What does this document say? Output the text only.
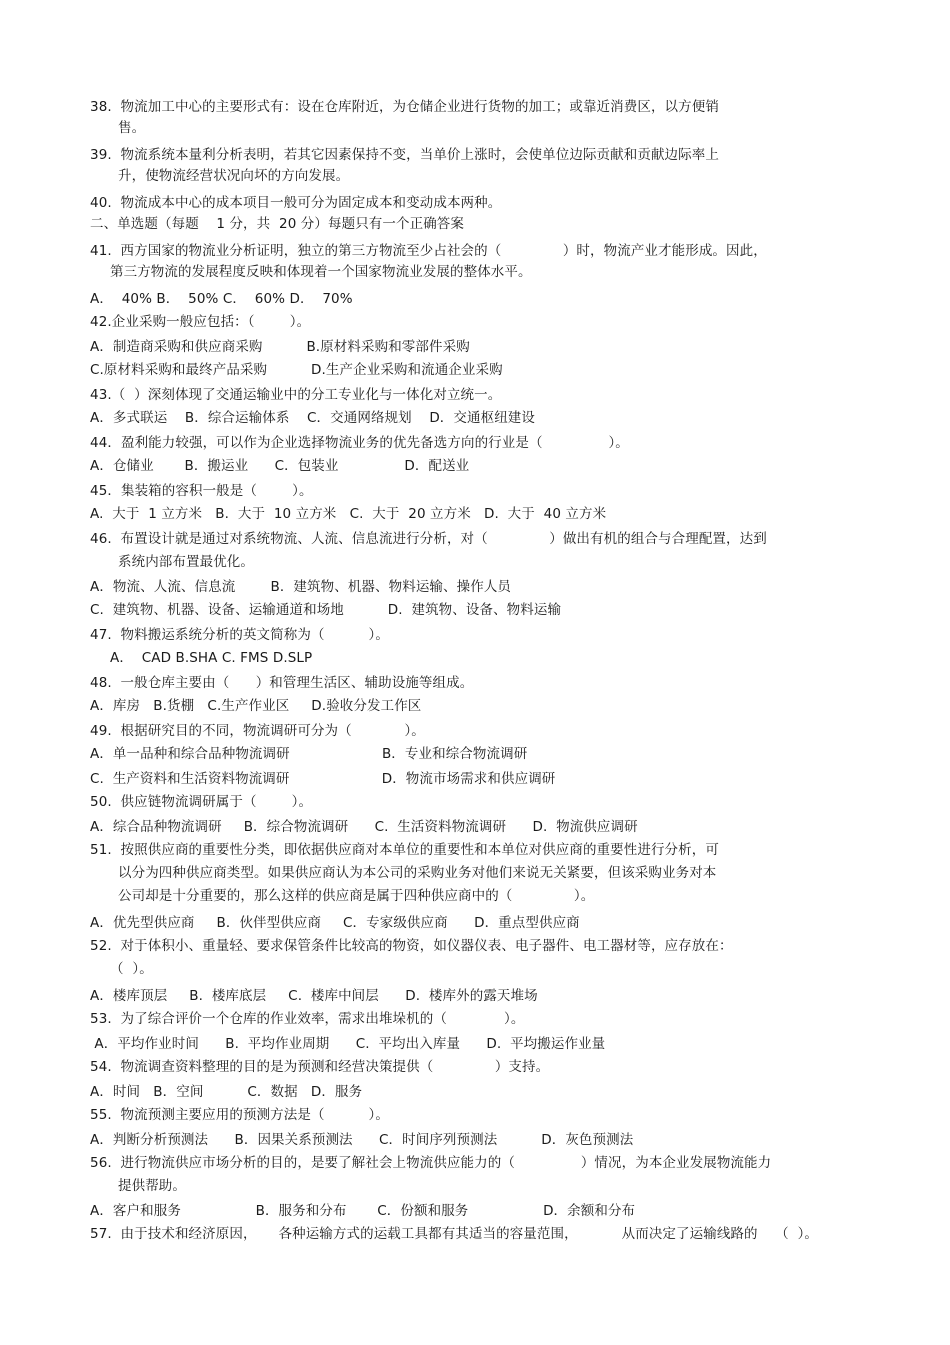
38.  物流加工中心的主要形式有：设在仓库附近，为仓储企业进行货物的加工；或靠近消费区，以方便销

售。

39.  物流系统本量利分析表明，若其它因素保持不变，当单价上涨时，会使单位边际贡献和贡献边际率上

升，使物流经营状况向坏的方向发展。

40.  物流成本中心的成本项目一般可分为固定成本和变动成本两种。

二、单选题（每题    1 分，共  20 分）每题只有一个正确答案

41.  西方国家的物流业分析证明，独立的第三方物流至少占社会的（              ）时，物流产业才能形成。因此，

第三方物流的发展程度反映和体现着一个国家物流业发展的整体水平。

A．  40% B．  50% C．  60% D．  70%

42.企业采购一般应包括：（        ）。

A．制造商采购和供应商采购          B.原材料采购和零部件采购

C.原材料采购和最终产品采购          D.生产企业采购和流通企业采购

43.（  ）深刻体现了交通运输业中的分工专业化与一体化对立统一。

A．多式联运    B．综合运输体系    C．交通网络规划    D．交通枢纽建设

44．盈利能力较强，可以作为企业选择物流业务的优先备选方向的行业是（               ）。

A．仓储业       B．搬运业      C．包装业               D．配送业

45．集装箱的容积一般是（        ）。

A.  大于  1 立方米   B.  大于  10 立方米   C.  大于  20 立方米   D.  大于  40 立方米

46.  布置设计就是通过对系统物流、人流、信息流进行分析，对（              ）做出有机的组合与合理配置，达到

系统内部布置最优化。

A．物流、人流、信息流        B．建筑物、机器、物料运输、操作人员

C.  建筑物、机器、设备、运输通道和场地          D.  建筑物、设备、物料运输

47.  物料搬运系统分析的英文简称为（          ）。

A．  CAD B.SHA C. FMS D.SLP

48.  一般仓库主要由（      ）和管理生活区、辅助设施等组成。

A．库房   B.货棚   C.生产作业区     D.验收分发工作区

49.  根据研究目的不同，物流调研可分为（            ）。

A．单一品种和综合品种物流调研                     B．专业和综合物流调研

C.  生产资料和生活资料物流调研                     D．物流市场需求和供应调研

50.  供应链物流调研属于（        ）。

A．综合品种物流调研     B．综合物流调研      C.  生活资料物流调研      D.  物流供应调研

51.  按照供应商的重要性分类，即依据供应商对本单位的重要性和本单位对供应商的重要性进行分析，可

以分为四种供应商类型。如果供应商认为本公司的采购业务对他们来说无关紧要，但该采购业务对本

公司却是十分重要的，那么这样的供应商是属于四种供应商中的（              ）。

A．优先型供应商     B．伙伴型供应商     C．专家级供应商      D．重点型供应商

52.  对于体积小、重量轻、要求保管条件比较高的物资，如仪器仪表、电子器件、电工器材等，应存放在：

（  ）。

A．楼库顶层     B.  楼库底层     C.  楼库中间层      D.  楼库外的露天堆场

53.  为了综合评价一个仓库的作业效率，需求出堆垛机的（             ）。

A．平均作业时间      B.  平均作业周期      C.  平均出入库量      D.  平均搬运作业量

54.  物流调查资料整理的目的是为预测和经营决策提供（              ）支持。

A．时间   B．空间          C．数据   D．服务

55.  物流预测主要应用的预测方法是（          ）。

A．判断分析预测法      B．因果关系预测法      C．时间序列预测法          D．灰色预测法

56.  进行物流供应市场分析的目的，是要了解社会上物流供应能力的（               ）情况，为本企业发展物流能力

提供帮助。

A．客户和服务                 B．服务和分布       C．份额和服务                 D．余额和分布

57.  由于技术和经济原因，     各种运输方式的运载工具都有其适当的容量范围，          从而决定了运输线路的    （  ）。
